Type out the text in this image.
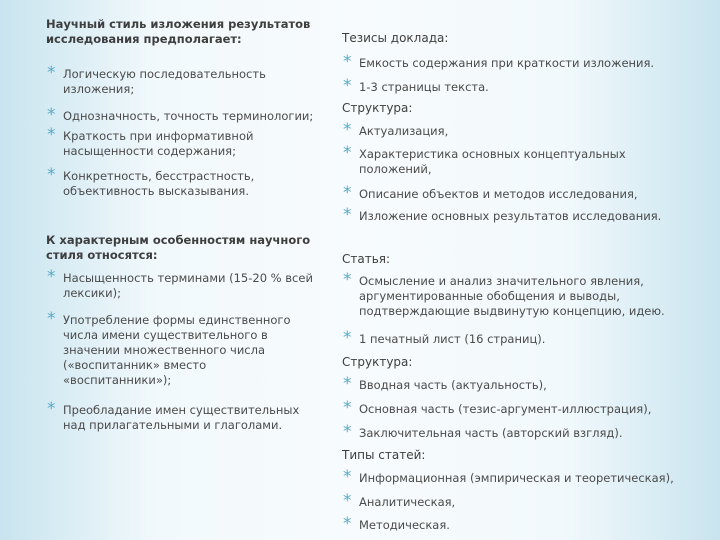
Научный стиль изложения результатов
исследования предполагает:
* Логическую последовательность
изложения;
* Однозначность, точность терминологии;
* Краткость при информативной
насыщенности содержания;
* Конкретность, бесстрастность,
объективность высказывания.
К характерным особенностям научного
стиля относятся:
* Насыщенность терминами (15-20 % всей
лексики);
* Употребление формы единственного
числа имени существительного в
значении множественного числа
(«воспитанник» вместо
«воспитанники»);
* Преобладание имен существительных
над прилагательными и глаголами.
Тезисы доклада:
* Емкость содержания при краткости изложения.
* 1-3 страницы текста.
Структура:
* Актуализация,
* Характеристика основных концептуальных
положений,
* Описание объектов и методов исследования,
* Изложение основных результатов исследования.
Статья:
* Осмысление и анализ значительного явления,
аргументированные обобщения и выводы,
подтверждающие выдвинутую концепцию, идею.
* 1 печатный лист (16 страниц).
Структура:
* Вводная часть (актуальность),
* Основная часть (тезис-аргумент-иллюстрация),
* Заключительная часть (авторский взгляд).
Типы статей:
* Информационная (эмпирическая и теоретическая),
* Аналитическая,
* Методическая.
